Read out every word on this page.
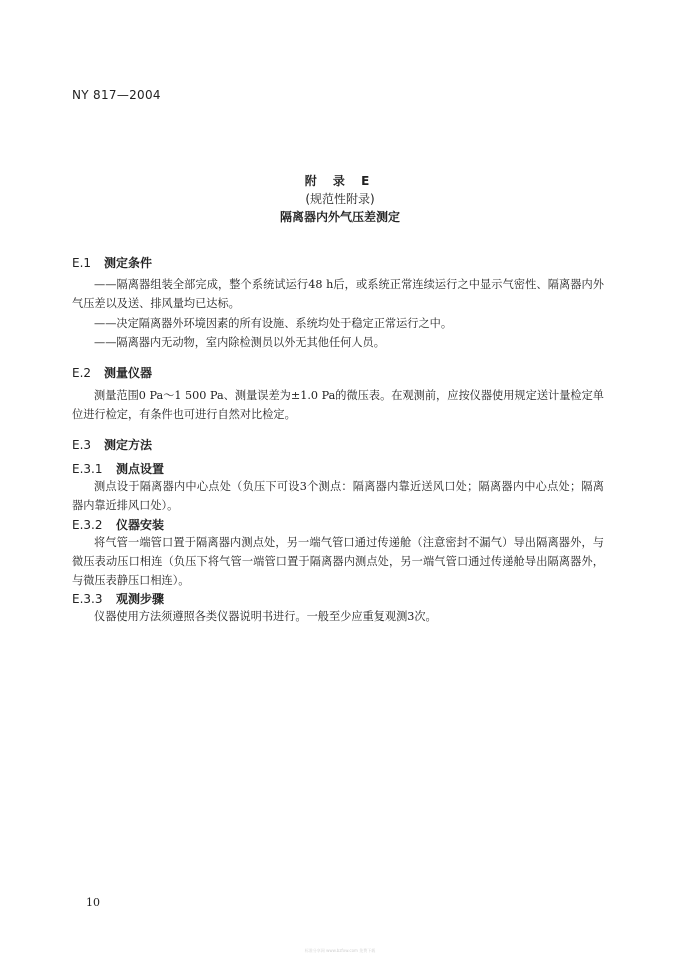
NY 817—2004
附 录 E
(规范性附录)
隔离器内外气压差测定
E.1 测定条件
——隔离器组装全部完成，整个系统试运行48 h后，或系统正常连续运行之中显示气密性、隔离器内外气压差以及送、排风量均已达标。
——决定隔离器外环境因素的所有设施、系统均处于稳定正常运行之中。
——隔离器内无动物，室内除检测员以外无其他任何人员。
E.2 测量仪器
测量范围0 Pa～1 500 Pa、测量误差为±1.0 Pa的微压表。在观测前，应按仪器使用规定送计量检定单位进行检定，有条件也可进行自然对比检定。
E.3 测定方法
E.3.1 测点设置
测点设于隔离器内中心点处（负压下可设3个测点：隔离器内靠近送风口处；隔离器内中心点处；隔离器内靠近排风口处）。
E.3.2 仪器安装
将气管一端管口置于隔离器内测点处，另一端气管口通过传递舱（注意密封不漏气）导出隔离器外，与微压表动压口相连（负压下将气管一端管口置于隔离器内测点处，另一端气管口通过传递舱导出隔离器外，与微压表静压口相连）。
E.3.3 观测步骤
仪器使用方法须遵照各类仪器说明书进行。一般至少应重复观测3次。
10
标准分享网 www.bzfxw.com 免费下载
